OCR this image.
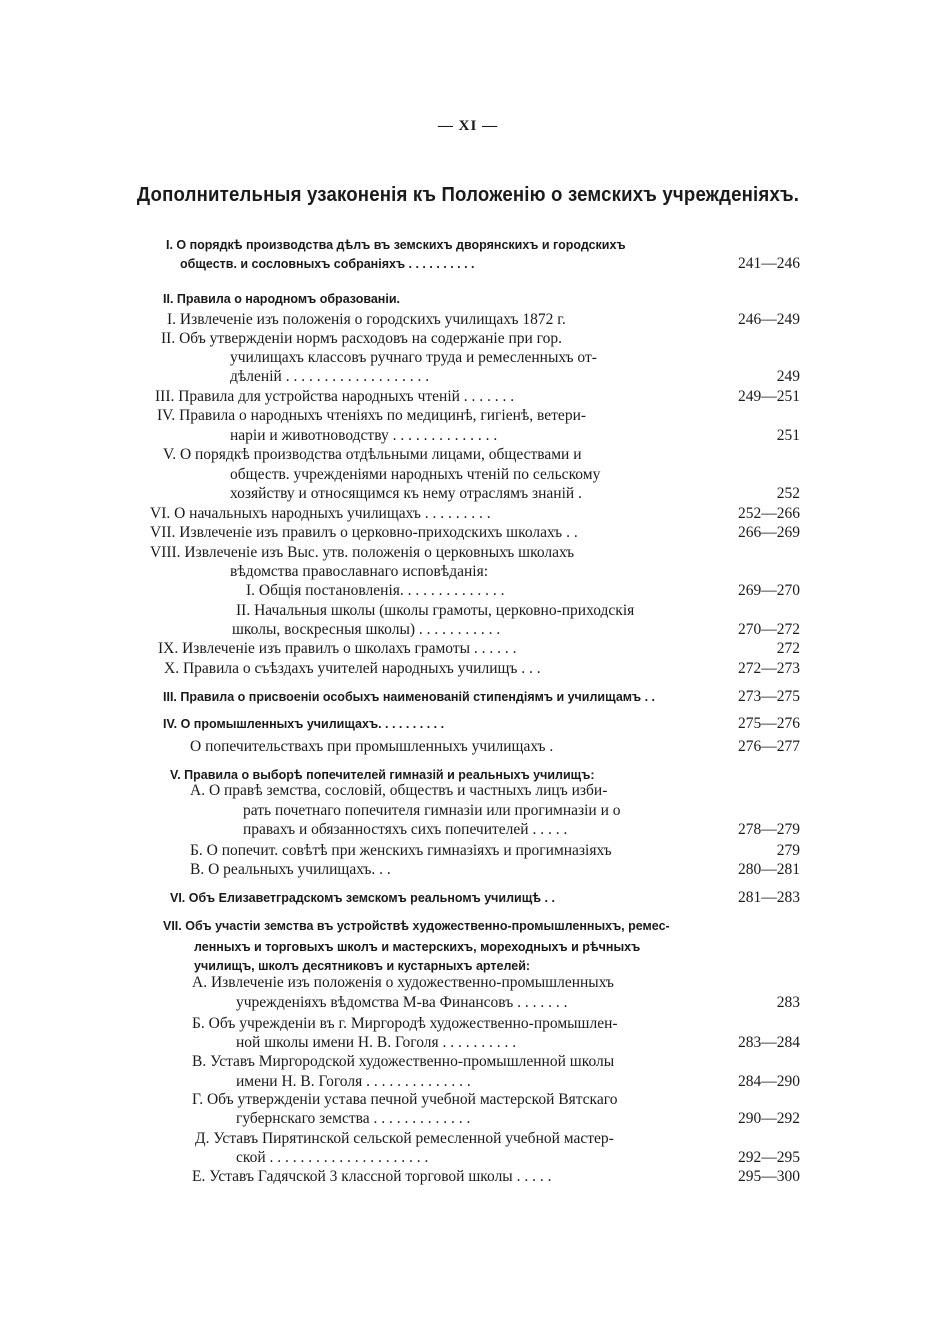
— XI —
Дополнительныя узаконенія къ Положенію о земскихъ учрежденіяхъ.
I. О порядкѣ производства дѣлъ въ земскихъ дворянскихъ и городскихъ
обществ. и сословныхъ собраніяхъ . . . . . . . . . .
II. Правила о народномъ образованіи.
I. Извлеченіе изъ положенія о городскихъ училищахъ 1872 г.
II. Объ утвержденіи нормъ расходовъ на содержаніе при гор.
училищахъ классовъ ручнаго труда и ремесленныхъ от-
дѣленій . . . . . . . . . . . . . . . . . . .
III. Правила для устройства народныхъ чтеній . . . . . . .
IV. Правила о народныхъ чтеніяхъ по медицинѣ, гигіенѣ, ветери-
наріи и животноводству . . . . . . . . . . . . . .
V. О порядкѣ производства отдѣльными лицами, обществами и
обществ. учрежденіями народныхъ чтеній по сельскому
хозяйству и относящимся къ нему отраслямъ знаній .
VI. О начальныхъ народныхъ училищахъ . . . . . . . . .
VII. Извлеченіе изъ правилъ о церковно-приходскихъ школахъ . .
VIII. Извлеченіе изъ Выс. утв. положенія о церковныхъ школахъ
вѣдомства православнаго исповѣданія:
I. Общія постановленія. . . . . . . . . . . . . .
II. Начальныя школы (школы грамоты, церковно-приходскія
школы, воскресныя школы) . . . . . . . . . . .
IX. Извлеченіе изъ правилъ о школахъ грамоты . . . . . .
X. Правила о съѣздахъ учителей народныхъ училищъ . . .
III. Правила о присвоеніи особыхъ наименованій стипендіямъ и училищамъ . .
IV. О промышленныхъ училищахъ. . . . . . . . . .
О попечительствахъ при промышленныхъ училищахъ .
V. Правила о выборѣ попечителей гимназій и реальныхъ училищъ:
А. О правѣ земства, сословій, обществъ и частныхъ лицъ изби-
рать почетнаго попечителя гимназіи или прогимназіи и о
правахъ и обязанностяхъ сихъ попечителей . . . . .
Б. О попечит. совѣтѣ при женскихъ гимназіяхъ и прогимназіяхъ
В. О реальныхъ училищахъ. . .
VI. Объ Елизаветградскомъ земскомъ реальномъ училищѣ . .
VII. Объ участіи земства въ устройствѣ художественно-промышленныхъ, ремес-
ленныхъ и торговыхъ школъ и мастерскихъ, мореходныхъ и рѣчныхъ
училищъ, школъ десятниковъ и кустарныхъ артелей:
А. Извлеченіе изъ положенія о художественно-промышленныхъ
учрежденіяхъ вѣдомства М-ва Финансовъ . . . . . . .
Б. Объ учрежденіи въ г. Миргородѣ художественно-промышлен-
ной школы имени Н. В. Гоголя . . . . . . . . . .
В. Уставъ Миргородской художественно-промышленной школы
имени Н. В. Гоголя . . . . . . . . . . . . . .
Г. Объ утвержденіи устава печной учебной мастерской Вятскаго
губернскаго земства . . . . . . . . . . . . .
Д. Уставъ Пирятинской сельской ремесленной учебной мастер-
ской . . . . . . . . . . . . . . . . . . . . .
Е. Уставъ Гадячской 3 классной торговой школы . . . . .
241—246
246—249
249
249—251
251
252
252—266
266—269
269—270
270—272
272
272—273
273—275
275—276
276—277
278—279
279
280—281
281—283
283
283—284
284—290
290—292
292—295
295—300
